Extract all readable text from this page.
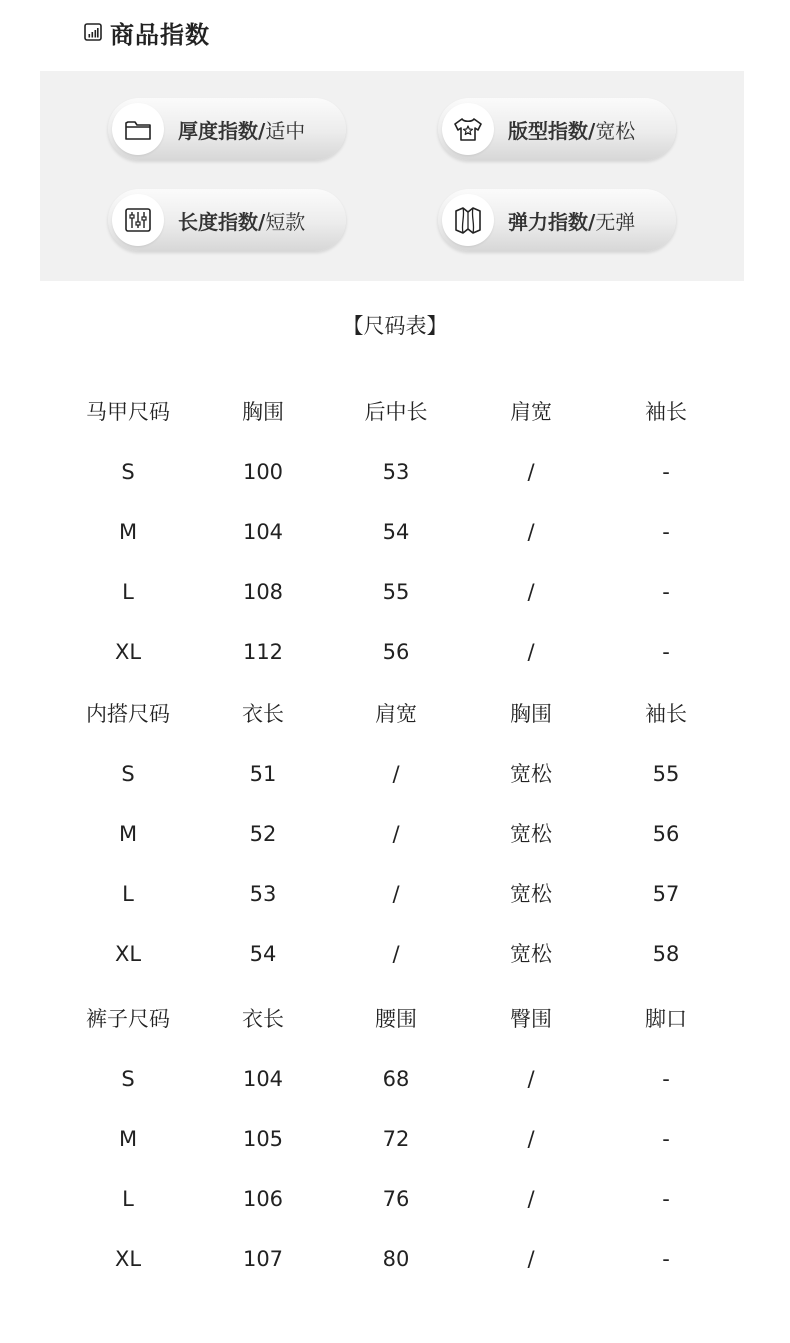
商品指数
厚度指数/适中	版型指数/宽松
长度指数/短款	弹力指数/无弹
【尺码表】
马甲尺码	胸围	后中长	肩宽	袖长
S	100	53	/	-
M	104	54	/	-
L	108	55	/	-
XL	112	56	/	-
内搭尺码	衣长	肩宽	胸围	袖长
S	51	/	宽松	55
M	52	/	宽松	56
L	53	/	宽松	57
XL	54	/	宽松	58
裤子尺码	衣长	腰围	臀围	脚口
S	104	68	/	-
M	105	72	/	-
L	106	76	/	-
XL	107	80	/	-
